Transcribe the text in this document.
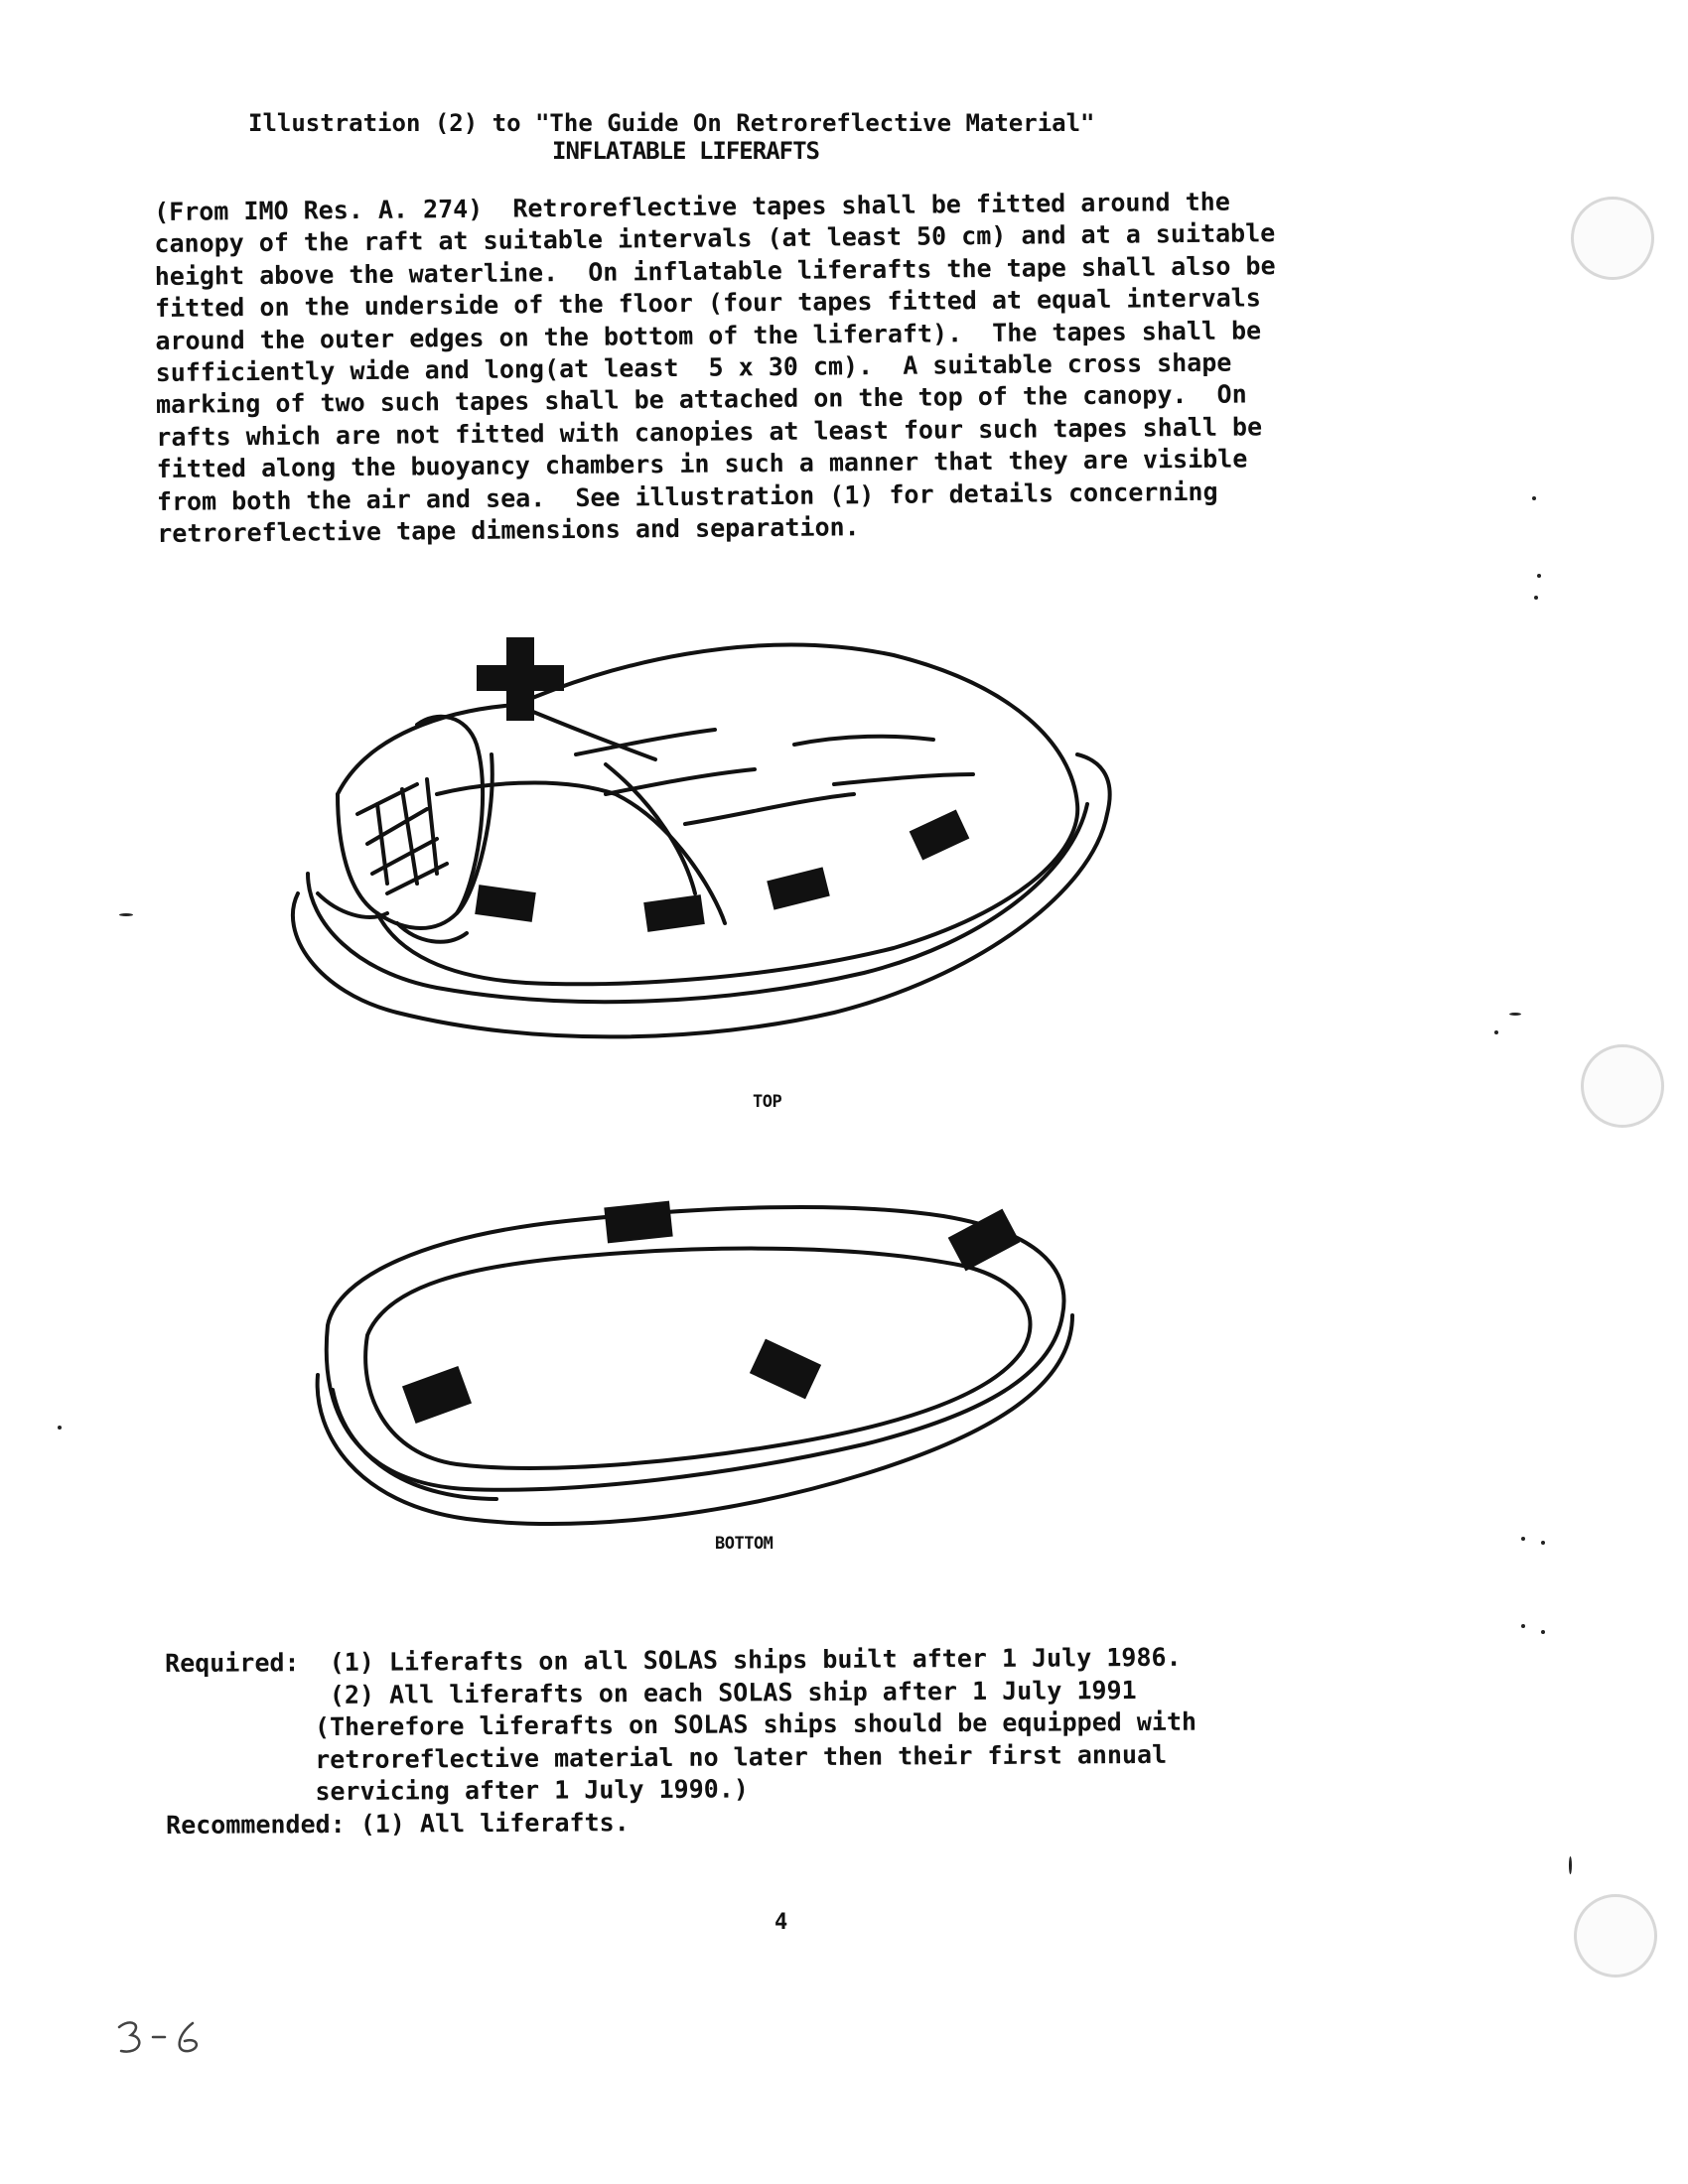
Illustration (2) to "The Guide On Retroreflective Material"
INFLATABLE LIFERAFTS
(From IMO Res. A. 274)  Retroreflective tapes shall be fitted around the
canopy of the raft at suitable intervals (at least 50 cm) and at a suitable
height above the waterline.  On inflatable liferafts the tape shall also be
fitted on the underside of the floor (four tapes fitted at equal intervals
around the outer edges on the bottom of the liferaft).  The tapes shall be
sufficiently wide and long(at least  5 x 30 cm).  A suitable cross shape
marking of two such tapes shall be attached on the top of the canopy.  On
rafts which are not fitted with canopies at least four such tapes shall be
fitted along the buoyancy chambers in such a manner that they are visible
from both the air and sea.  See illustration (1) for details concerning
retroreflective tape dimensions and separation.
TOP
BOTTOM
Required: (1) Liferafts on all SOLAS ships built after 1 July 1986.
(2) All liferafts on each SOLAS ship after 1 July 1991
(Therefore liferafts on SOLAS ships should be equipped with
retroreflective material no later then their first annual
servicing after 1 July 1990.)
Recommended: (1) All liferafts.
4
